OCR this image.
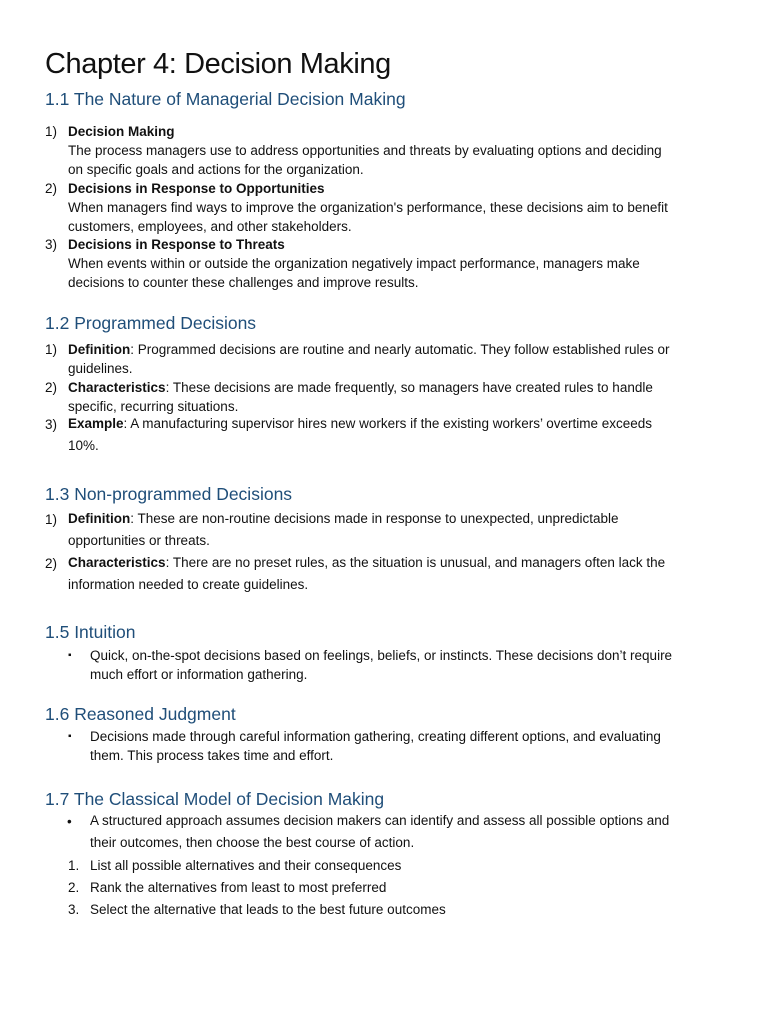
Chapter 4: Decision Making
1.1 The Nature of Managerial Decision Making
1) Decision Making
The process managers use to address opportunities and threats by evaluating options and deciding
on specific goals and actions for the organization.
2) Decisions in Response to Opportunities
When managers find ways to improve the organization's performance, these decisions aim to benefit
customers, employees, and other stakeholders.
3) Decisions in Response to Threats
When events within or outside the organization negatively impact performance, managers make
decisions to counter these challenges and improve results.
1.2 Programmed Decisions
1) Definition: Programmed decisions are routine and nearly automatic. They follow established rules or
guidelines.
2) Characteristics: These decisions are made frequently, so managers have created rules to handle
specific, recurring situations.
3) Example: A manufacturing supervisor hires new workers if the existing workers’ overtime exceeds
10%.
1.3 Non-programmed Decisions
1) Definition: These are non-routine decisions made in response to unexpected, unpredictable
opportunities or threats.
2) Characteristics: There are no preset rules, as the situation is unusual, and managers often lack the
information needed to create guidelines.
1.5 Intuition
▪ Quick, on-the-spot decisions based on feelings, beliefs, or instincts. These decisions don’t require
much effort or information gathering.
1.6 Reasoned Judgment
▪ Decisions made through careful information gathering, creating different options, and evaluating
them. This process takes time and effort.
1.7 The Classical Model of Decision Making
• A structured approach assumes decision makers can identify and assess all possible options and
their outcomes, then choose the best course of action.
1. List all possible alternatives and their consequences
2. Rank the alternatives from least to most preferred
3. Select the alternative that leads to the best future outcomes
